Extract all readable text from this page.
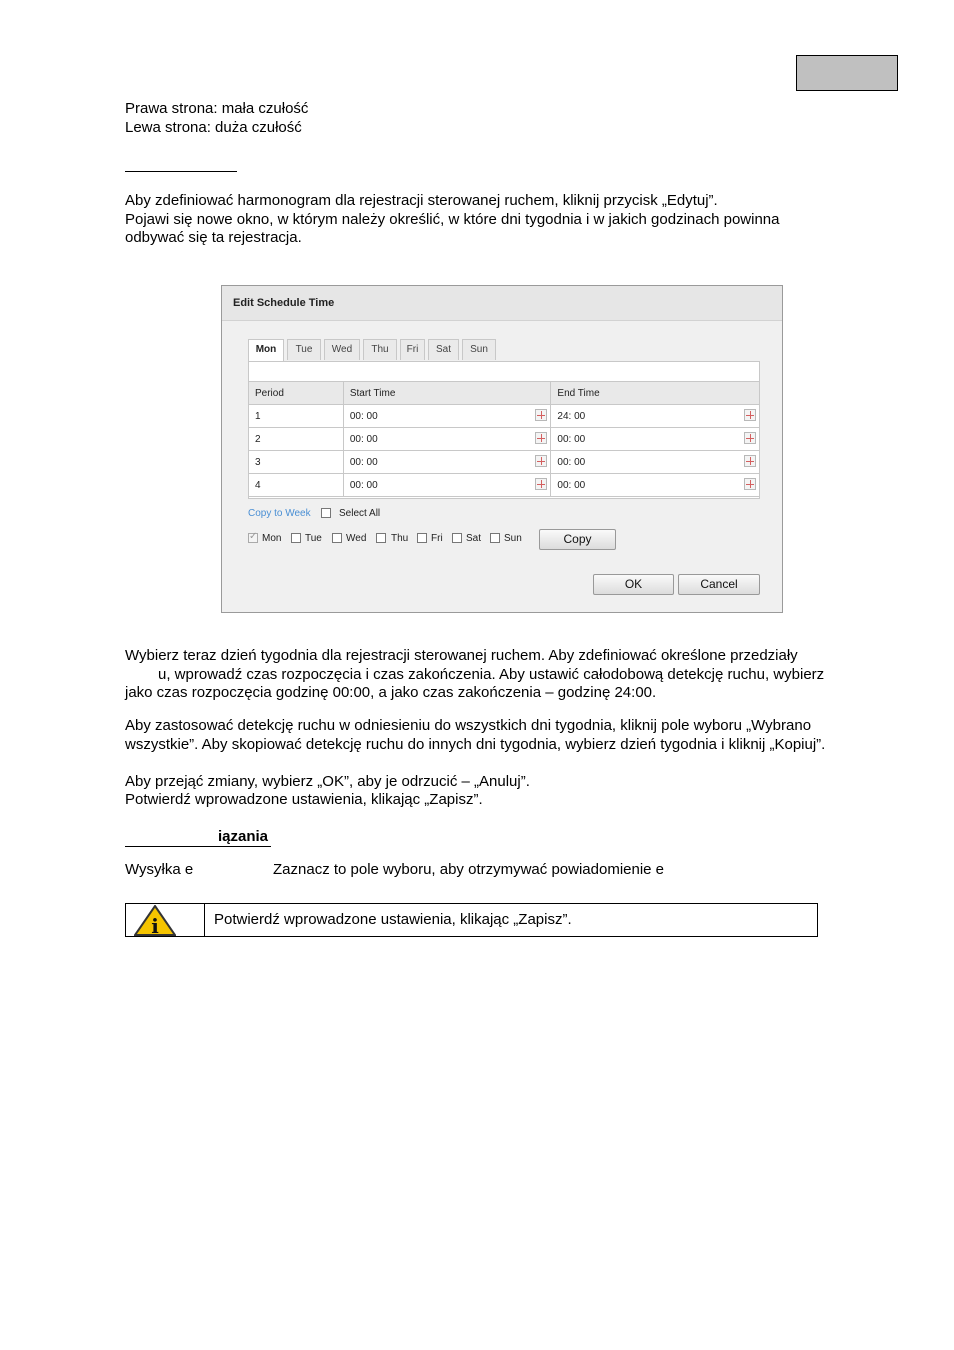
Prawa strona: mała czułość
Lewa strona: duża czułość
Aby zdefiniować harmonogram dla rejestracji sterowanej ruchem, kliknij przycisk „Edytuj”.
Pojawi się nowe okno, w którym należy określić, w które dni tygodnia i w jakich godzinach powinna
odbywać się ta rejestracja.
Edit Schedule Time
Mon	Tue	Wed	Thu	Fri	Sat	Sun
Period	Start Time	End Time
1	00: 00	24: 00

2	00: 00	00: 00

3	00: 00	00: 00

4	00: 00	00: 00
Copy to Week	Select All
✓
Mon Tue Wed Thu Fri Sat Sun	Copy
OK	Cancel
Wybierz teraz dzień tygodnia dla rejestracji sterowanej ruchem. Aby zdefiniować określone przedziały
u, wprowadź czas rozpoczęcia i czas zakończenia. Aby ustawić całodobową detekcję ruchu, wybierz
jako czas rozpoczęcia godzinę 00:00, a jako czas zakończenia – godzinę 24:00.
Aby zastosować detekcję ruchu w odniesieniu do wszystkich dni tygodnia, kliknij pole wyboru „Wybrano
wszystkie”. Aby skopiować detekcję ruchu do innych dni tygodnia, wybierz dzień tygodnia i kliknij „Kopiuj”.
Aby przejąć zmiany, wybierz „OK”, aby je odrzucić – „Anuluj”.
Potwierdź wprowadzone ustawienia, klikając „Zapisz”.
iązania
Wysyłka e	Zaznacz to pole wyboru, aby otrzymywać powiadomienie e
i	Potwierdź wprowadzone ustawienia, klikając „Zapisz”.
